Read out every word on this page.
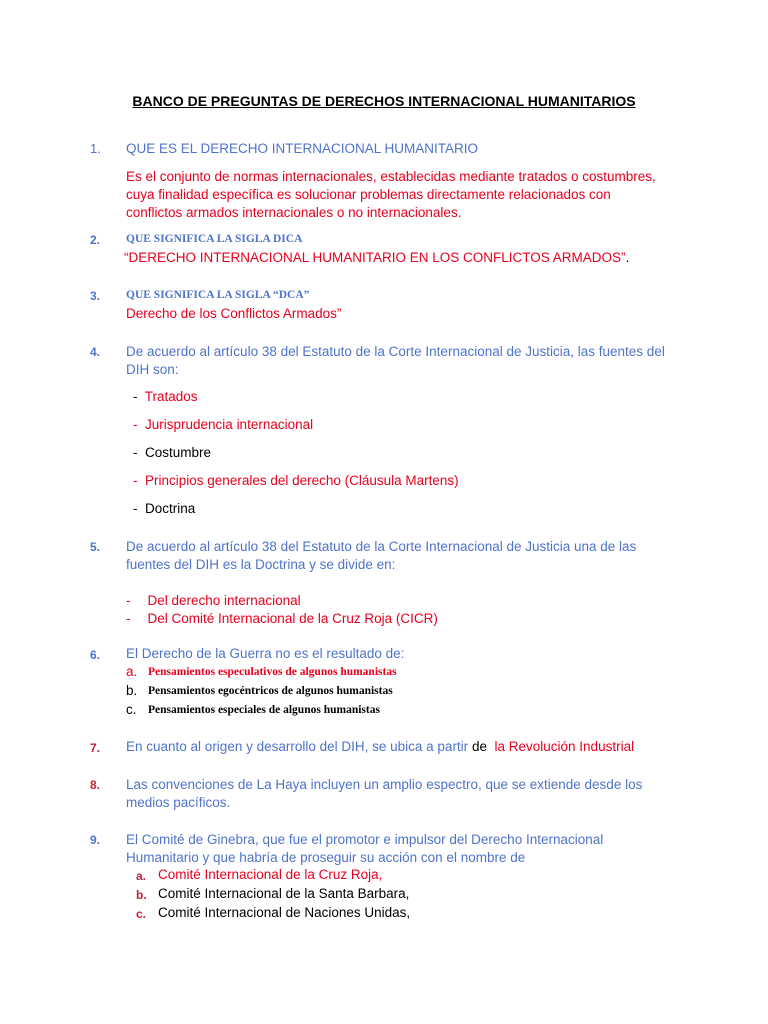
BANCO DE PREGUNTAS DE DERECHOS INTERNACIONAL HUMANITARIOS
1. QUE ES EL DERECHO INTERNACIONAL HUMANITARIO
Es el conjunto de normas internacionales, establecidas mediante tratados o costumbres,
cuya finalidad específica es solucionar problemas directamente relacionados con
conflictos armados internacionales o no internacionales.
2. QUE SIGNIFICA LA SIGLA DICA
“DERECHO INTERNACIONAL HUMANITARIO EN LOS CONFLICTOS ARMADOS”.
3. QUE SIGNIFICA LA SIGLA “DCA”
Derecho de los Conflictos Armados”
4. De acuerdo al artículo 38 del Estatuto de la Corte Internacional de Justicia, las fuentes del
DIH son:
- Tratados
- Jurisprudencia internacional
- Costumbre
- Principios generales del derecho (Cláusula Martens)
- Doctrina
5. De acuerdo al artículo 38 del Estatuto de la Corte Internacional de Justicia una de las
fuentes del DIH es la Doctrina y se divide en:
- Del derecho internacional
- Del Comité Internacional de la Cruz Roja (CICR)
6. El Derecho de la Guerra no es el resultado de:
a. Pensamientos especulativos de algunos humanistas
b. Pensamientos egocéntricos de algunos humanistas
c. Pensamientos especiales de algunos humanistas
7. En cuanto al origen y desarrollo del DIH, se ubica a partir de la Revolución Industrial
8. Las convenciones de La Haya incluyen un amplio espectro, que se extiende desde los
medios pacíficos.
9. El Comité de Ginebra, que fue el promotor e impulsor del Derecho Internacional
Humanitario y que habría de proseguir su acción con el nombre de
a. Comité Internacional de la Cruz Roja,
b. Comité Internacional de la Santa Barbara,
c. Comité Internacional de Naciones Unidas,
